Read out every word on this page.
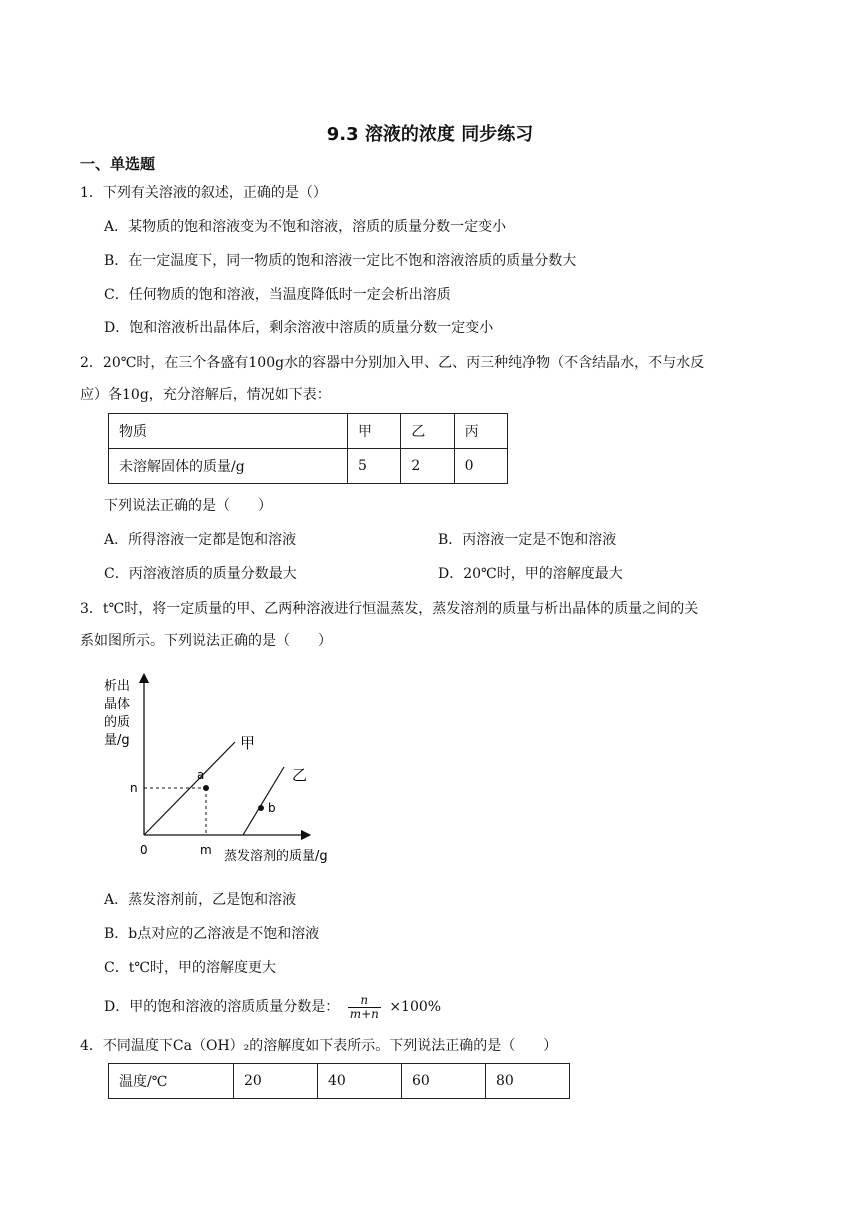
9.3 溶液的浓度 同步练习
一、单选题
1．下列有关溶液的叙述，正确的是（）
A．某物质的饱和溶液变为不饱和溶液，溶质的质量分数一定变小
B．在一定温度下，同一物质的饱和溶液一定比不饱和溶液溶质的质量分数大
C．任何物质的饱和溶液，当温度降低时一定会析出溶质
D．饱和溶液析出晶体后，剩余溶液中溶质的质量分数一定变小
2．20℃时，在三个各盛有100g水的容器中分别加入甲、乙、丙三种纯净物（不含结晶水，不与水反
应）各10g，充分溶解后，情况如下表：
物质	甲	乙	丙
未溶解固体的质量/g	5	2	0
下列说法正确的是（　　）
A．所得溶液一定都是饱和溶液	B．丙溶液一定是不饱和溶液
C．丙溶液溶质的质量分数最大	D．20℃时，甲的溶解度最大
3．t℃时，将一定质量的甲、乙两种溶液进行恒温蒸发，蒸发溶剂的质量与析出晶体的质量之间的关
系如图所示。下列说法正确的是（　　）
析出
晶体
的质
量/g
a
b
n
m
0
甲
乙
蒸发溶剂的质量/g
A．蒸发溶剂前，乙是饱和溶液
B．b点对应的乙溶液是不饱和溶液
C．t℃时，甲的溶解度更大
D．甲的饱和溶液的溶质质量分数是： $\frac{n}{m+n} \times 100\%$
4．不同温度下Ca（OH）₂的溶解度如下表所示。下列说法正确的是（　　）
温度/℃	20	40	60	80
